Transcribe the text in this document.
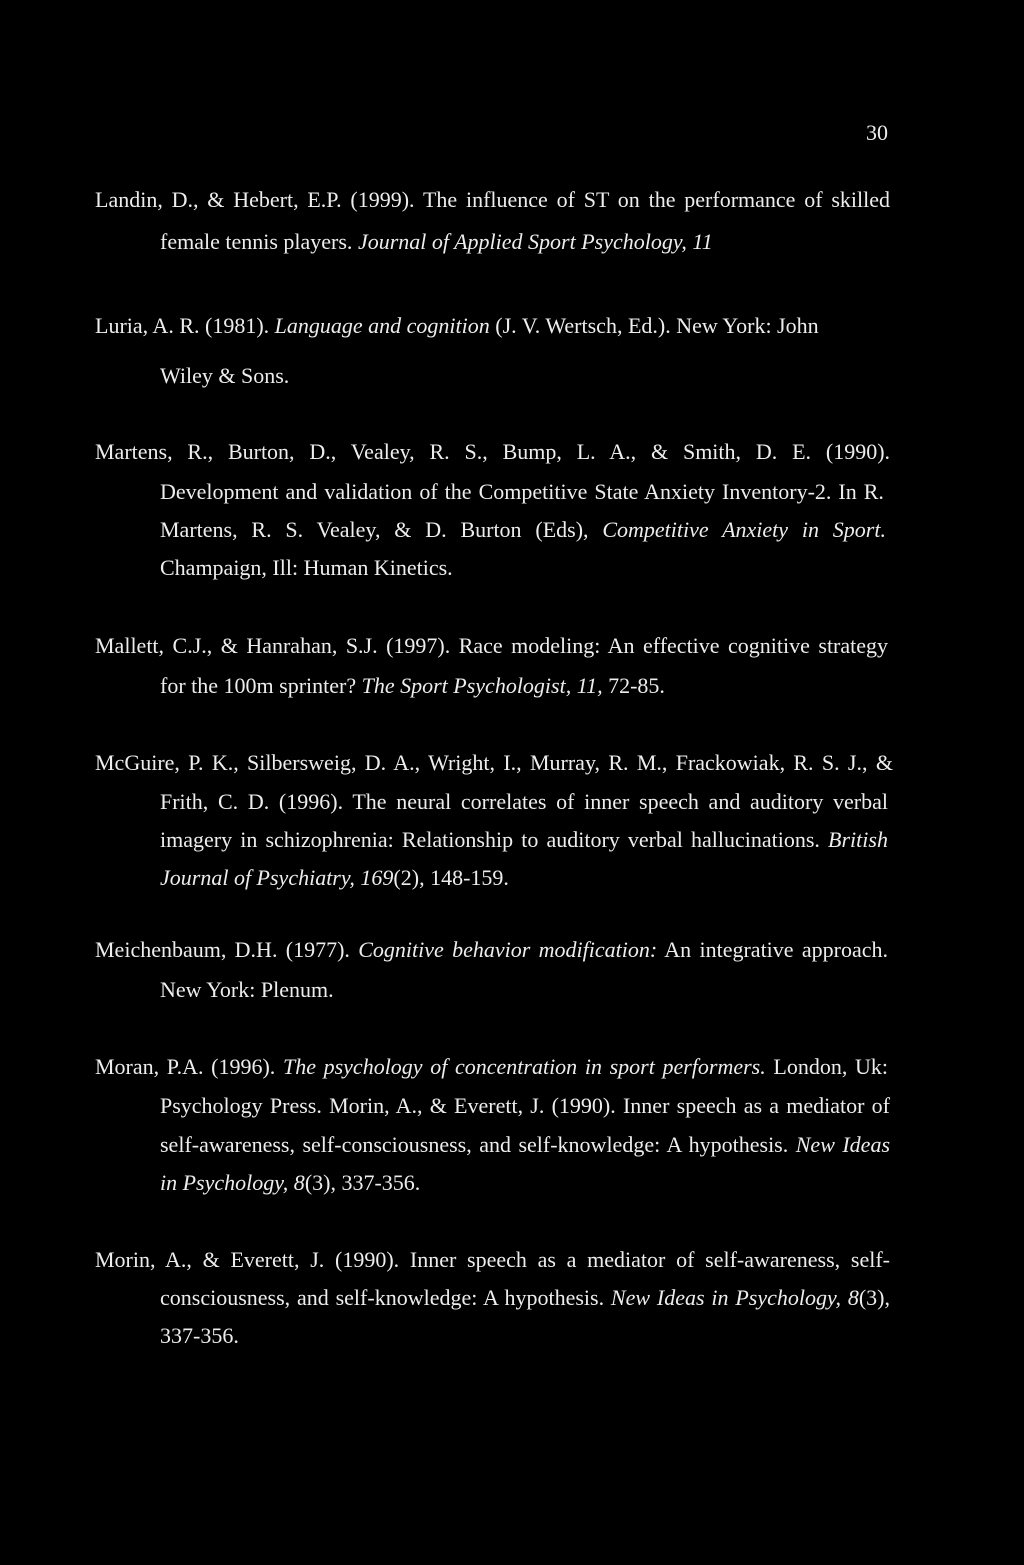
30
Landin, D., & Hebert, E.P. (1999). The influence of ST on the performance of skilled
female tennis players. Journal of Applied Sport Psychology, 11
Luria, A. R. (1981). Language and cognition (J. V. Wertsch, Ed.). New York: John
Wiley & Sons.
Martens, R., Burton, D., Vealey, R. S., Bump, L. A., & Smith, D. E. (1990).
Development and validation of the Competitive State Anxiety Inventory-2. In R.
Martens, R. S. Vealey, & D. Burton (Eds), Competitive Anxiety in Sport.
Champaign, Ill: Human Kinetics.
Mallett, C.J., & Hanrahan, S.J. (1997). Race modeling: An effective cognitive strategy
for the 100m sprinter? The Sport Psychologist, 11, 72-85.
McGuire, P. K., Silbersweig, D. A., Wright, I., Murray, R. M., Frackowiak, R. S. J., &
Frith, C. D. (1996). The neural correlates of inner speech and auditory verbal
imagery in schizophrenia: Relationship to auditory verbal hallucinations. British
Journal of Psychiatry, 169(2), 148-159.
Meichenbaum, D.H. (1977). Cognitive behavior modification: An integrative approach.
New York: Plenum.
Moran, P.A. (1996). The psychology of concentration in sport performers. London, Uk:
Psychology Press. Morin, A., & Everett, J. (1990). Inner speech as a mediator of
self-awareness, self-consciousness, and self-knowledge: A hypothesis. New Ideas
in Psychology, 8(3), 337-356.
Morin, A., & Everett, J. (1990). Inner speech as a mediator of self-awareness, self-
consciousness, and self-knowledge: A hypothesis. New Ideas in Psychology, 8(3),
337-356.
